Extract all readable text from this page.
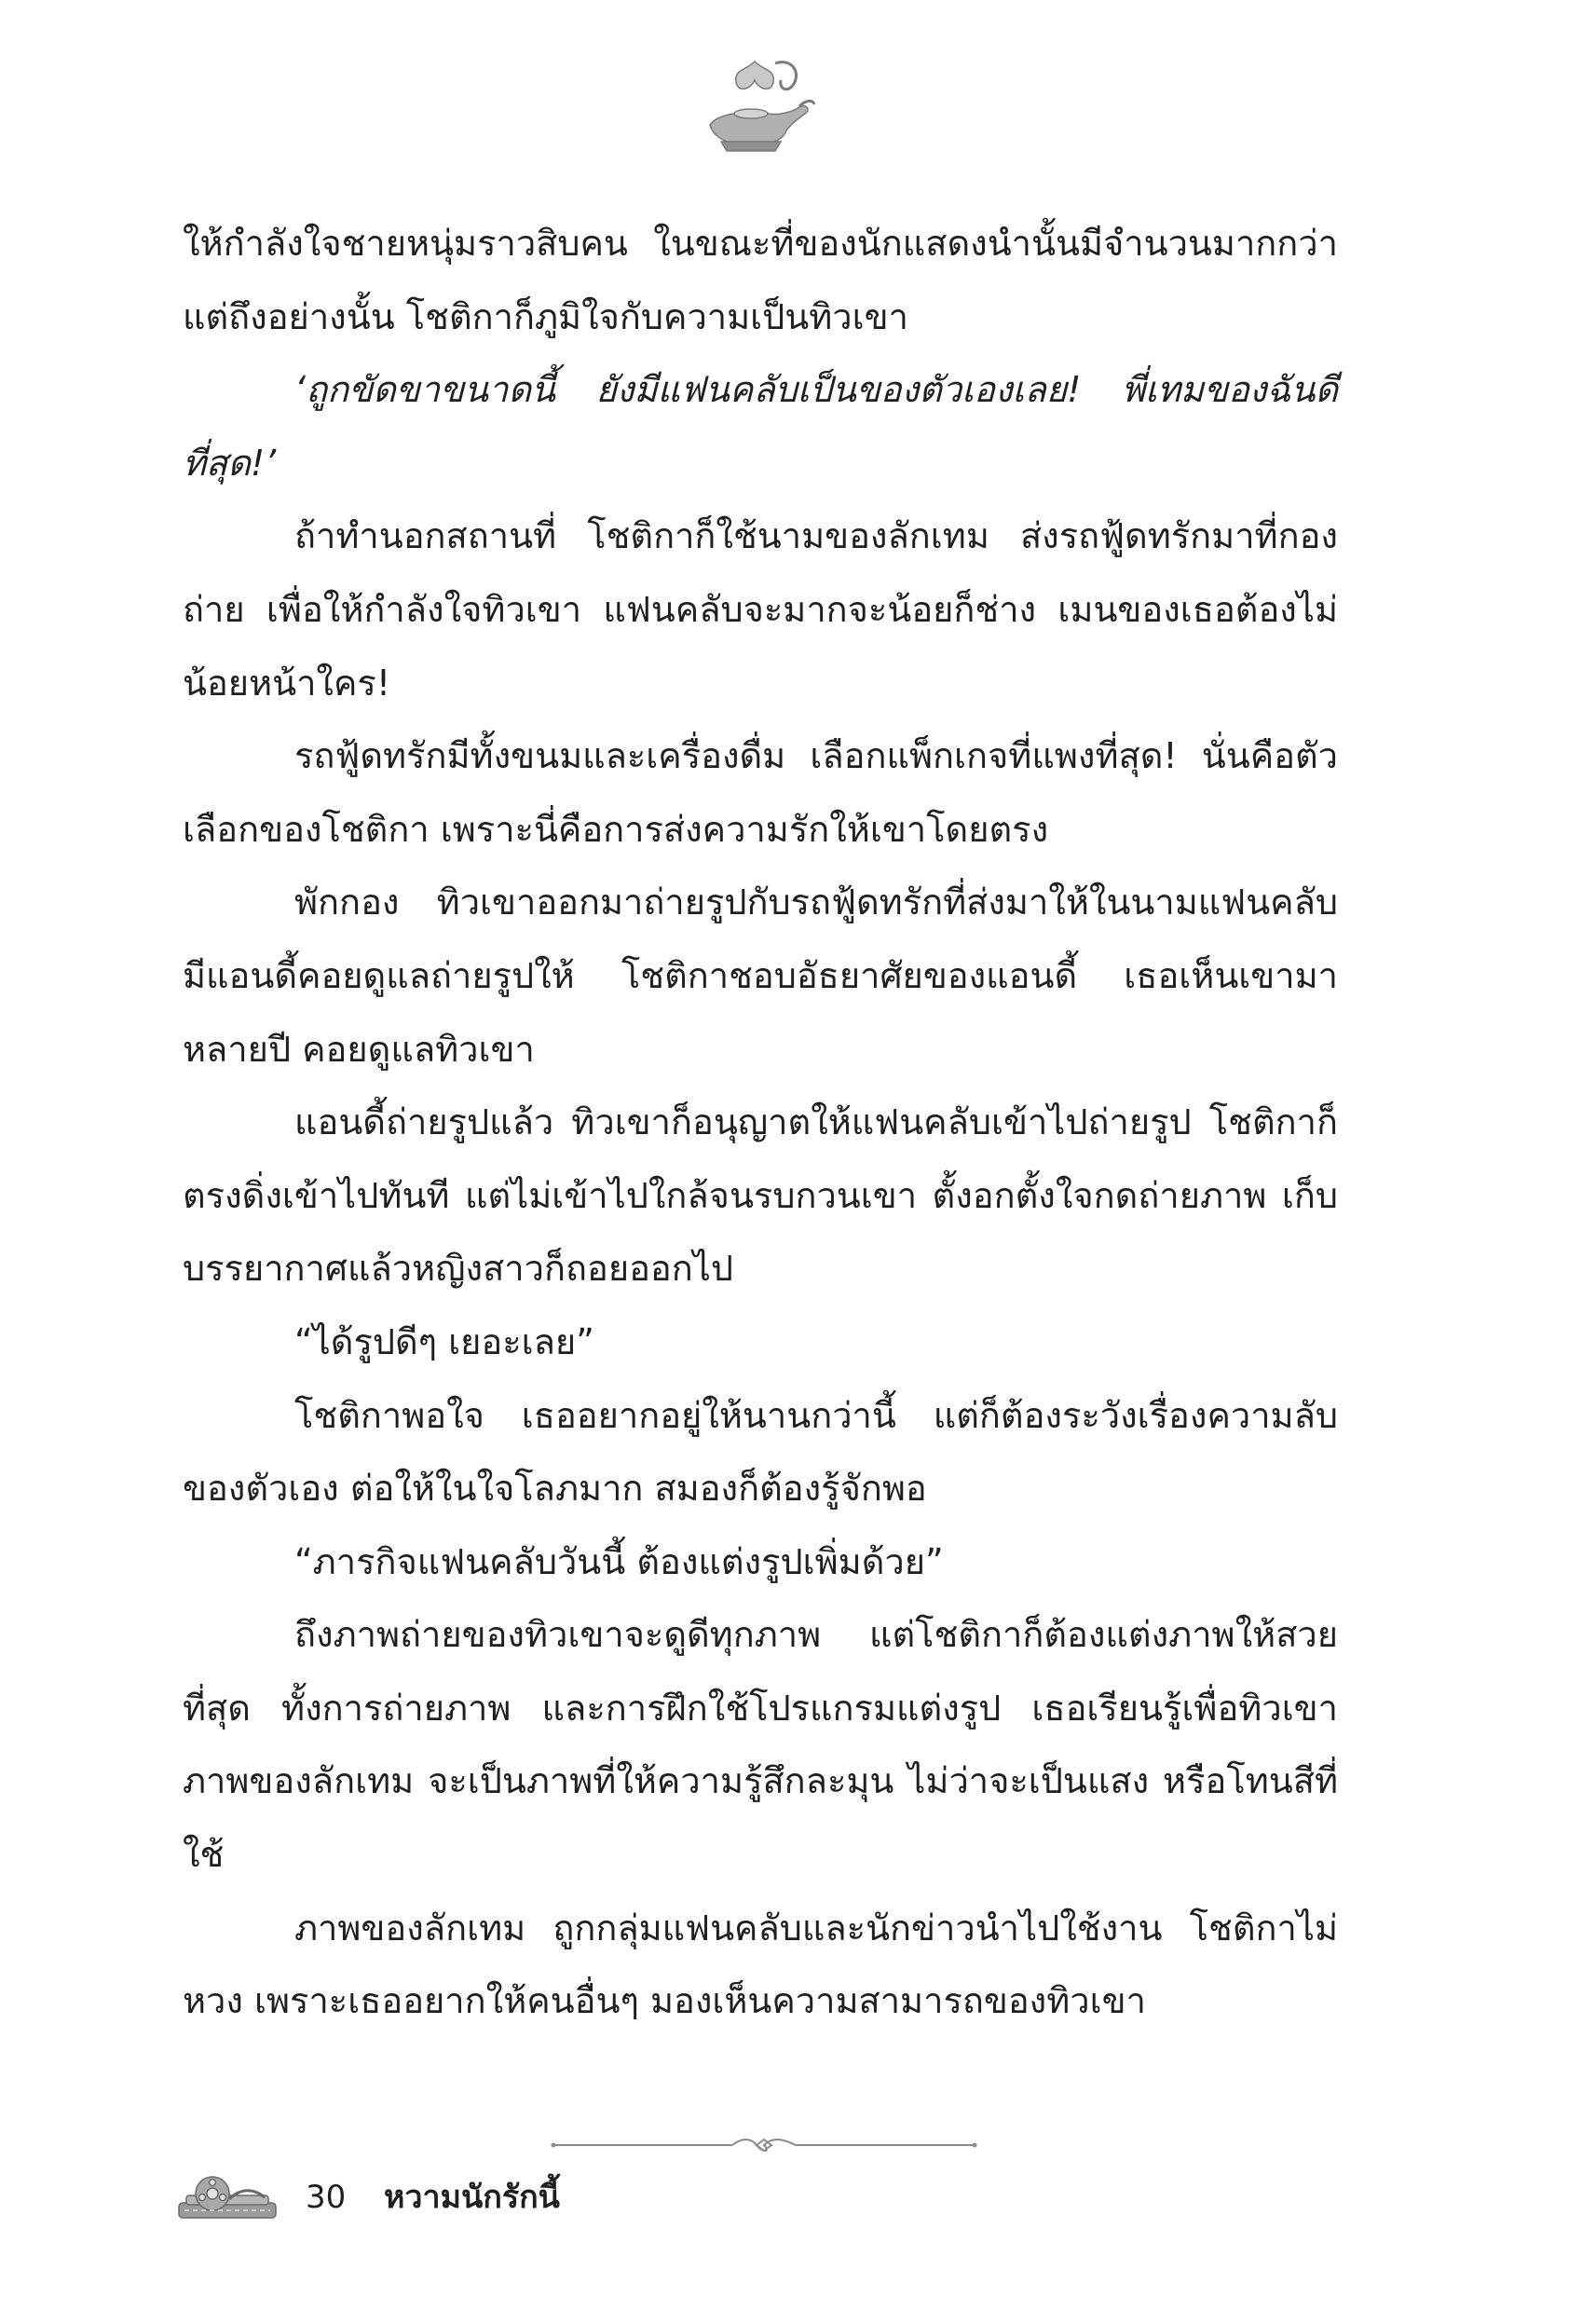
ให้กำลังใจชายหนุ่มราวสิบคน ในขณะที่ของนักแสดงนำนั้นมีจำนวนมากกว่า แต่ถึงอย่างนั้น โชติกาก็ภูมิใจกับความเป็นทิวเขา

‘ถูกขัดขาขนาดนี้ ยังมีแฟนคลับเป็นของตัวเองเลย! พี่เทมของฉันดีที่สุด!’

ถ้าทำนอกสถานที่ โชติกาก็ใช้นามของลักเทม ส่งรถฟู้ดทรักมาที่กองถ่าย เพื่อให้กำลังใจทิวเขา แฟนคลับจะมากจะน้อยก็ช่าง เมนของเธอต้องไม่น้อยหน้าใคร!

รถฟู้ดทรักมีทั้งขนมและเครื่องดื่ม เลือกแพ็กเกจที่แพงที่สุด! นั่นคือตัวเลือกของโชติกา เพราะนี่คือการส่งความรักให้เขาโดยตรง

พักกอง ทิวเขาออกมาถ่ายรูปกับรถฟู้ดทรักที่ส่งมาให้ในนามแฟนคลับ มีแอนดี้คอยดูแลถ่ายรูปให้ โชติกาชอบอัธยาศัยของแอนดี้ เธอเห็นเขามาหลายปี คอยดูแลทิวเขา

แอนดี้ถ่ายรูปแล้ว ทิวเขาก็อนุญาตให้แฟนคลับเข้าไปถ่ายรูป โชติกาก็ตรงดิ่งเข้าไปทันที แต่ไม่เข้าไปใกล้จนรบกวนเขา ตั้งอกตั้งใจกดถ่ายภาพ เก็บบรรยากาศแล้วหญิงสาวก็ถอยออกไป

“ได้รูปดีๆ เยอะเลย”

โชติกาพอใจ เธออยากอยู่ให้นานกว่านี้ แต่ก็ต้องระวังเรื่องความลับของตัวเอง ต่อให้ในใจโลภมาก สมองก็ต้องรู้จักพอ

“ภารกิจแฟนคลับวันนี้ ต้องแต่งรูปเพิ่มด้วย”

ถึงภาพถ่ายของทิวเขาจะดูดีทุกภาพ แต่โชติกาก็ต้องแต่งภาพให้สวยที่สุด ทั้งการถ่ายภาพ และการฝึกใช้โปรแกรมแต่งรูป เธอเรียนรู้เพื่อทิวเขา ภาพของลักเทม จะเป็นภาพที่ให้ความรู้สึกละมุน ไม่ว่าจะเป็นแสง หรือโทนสีที่ใช้

ภาพของลักเทม ถูกกลุ่มแฟนคลับและนักข่าวนำไปใช้งาน โชติกาไม่หวง เพราะเธออยากให้คนอื่นๆ มองเห็นความสามารถของทิวเขา

30 หวามนักรักนี้
